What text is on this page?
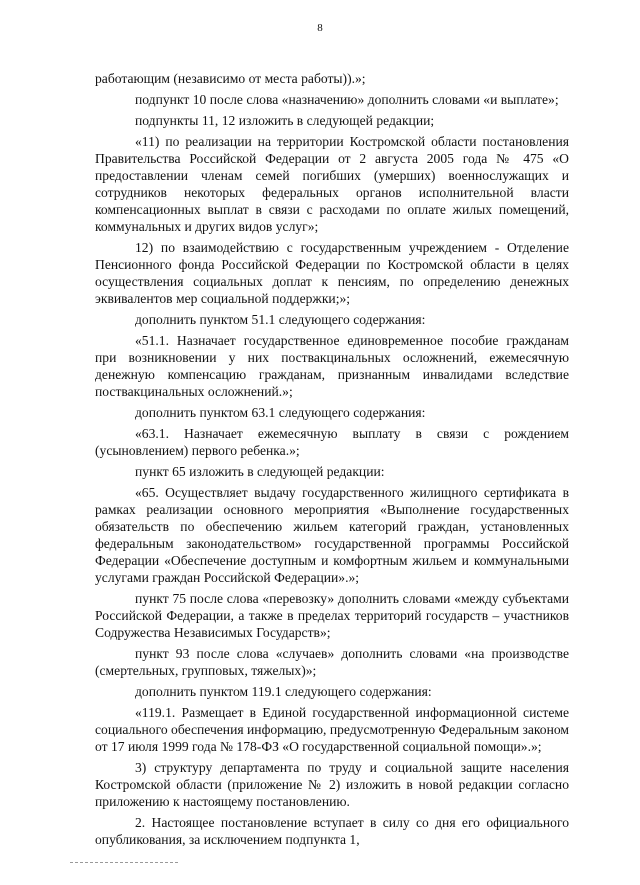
8

работающим (независимо от места работы)).»;

подпункт 10 после слова «назначению» дополнить словами «и выплате»;

подпункты 11, 12 изложить в следующей редакции;

«11) по реализации на территории Костромской области постановления Правительства Российской Федерации от 2 августа 2005 года № 475 «О предоставлении членам семей погибших (умерших) военнослужащих и сотрудников некоторых федеральных органов исполнительной власти компенсационных выплат в связи с расходами по оплате жилых помещений, коммунальных и других видов услуг»;

12) по взаимодействию с государственным учреждением - Отделение Пенсионного фонда Российской Федерации по Костромской области в целях осуществления социальных доплат к пенсиям, по определению денежных эквивалентов мер социальной поддержки;»;

дополнить пунктом 51.1 следующего содержания:

«51.1. Назначает государственное единовременное пособие гражданам при возникновении у них поствакцинальных осложнений, ежемесячную денежную компенсацию гражданам, признанным инвалидами вследствие поствакцинальных осложнений.»;

дополнить пунктом 63.1 следующего содержания:

«63.1. Назначает ежемесячную выплату в связи с рождением (усыновлением) первого ребенка.»;

пункт 65 изложить в следующей редакции:

«65. Осуществляет выдачу государственного жилищного сертификата в рамках реализации основного мероприятия «Выполнение государственных обязательств по обеспечению жильем категорий граждан, установленных федеральным законодательством» государственной программы Российской Федерации «Обеспечение доступным и комфортным жильем и коммунальными услугами граждан Российской Федерации».»;

пункт 75 после слова «перевозку» дополнить словами «между субъектами Российской Федерации, а также в пределах территорий государств – участников Содружества Независимых Государств»;

пункт 93 после слова «случаев» дополнить словами «на производстве (смертельных, групповых, тяжелых)»;

дополнить пунктом 119.1 следующего содержания:

«119.1. Размещает в Единой государственной информационной системе социального обеспечения информацию, предусмотренную Федеральным законом от 17 июля 1999 года № 178-ФЗ «О государственной социальной помощи».»;

3) структуру департамента по труду и социальной защите населения Костромской области (приложение № 2) изложить в новой редакции согласно приложению к настоящему постановлению.

2. Настоящее постановление вступает в силу со дня его официального опубликования, за исключением подпункта 1,
